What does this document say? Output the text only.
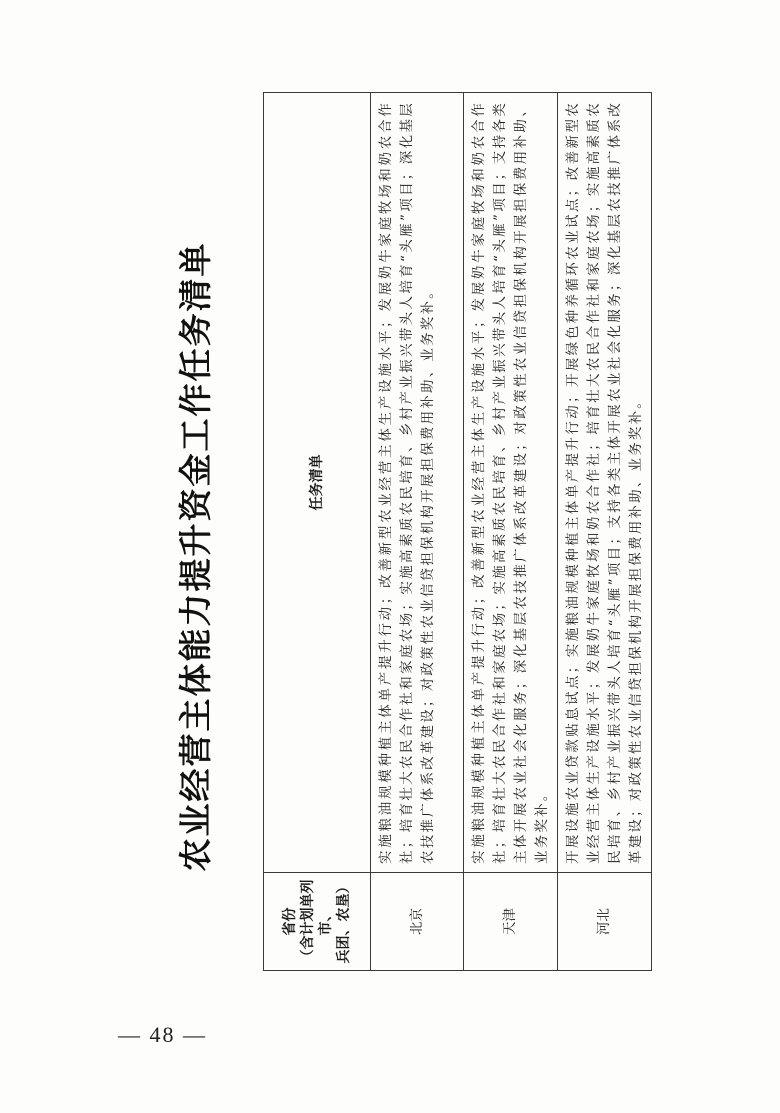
— 48 —
农业经营主体能力提升资金工作任务清单
省份 （含计划单列市、 兵团、农垦）	任务清单
北京	实施粮油规模种植主体单产提升行动；改善新型农业经营主体生产设施水平；发展奶牛家庭牧场和奶农合作社；培育壮大农民合作社和家庭农场；实施高素质农民培育、乡村产业振兴带头人培育“头雁”项目；深化基层农技推广体系改革建设；对政策性农业信贷担保机构开展担保费用补助、业务奖补。
天津	实施粮油规模种植主体单产提升行动；改善新型农业经营主体生产设施水平；发展奶牛家庭牧场和奶农合作社；培育壮大农民合作社和家庭农场；实施高素质农民培育、乡村产业振兴带头人培育“头雁”项目；支持各类主体开展农业社会化服务；深化基层农技推广体系改革建设；对政策性农业信贷担保机构开展担保费用补助、业务奖补。
河北	开展设施农业贷款贴息试点；实施粮油规模种植主体单产提升行动；开展绿色种养循环农业试点；改善新型农业经营主体生产设施水平；发展奶牛家庭牧场和奶农合作社；培育壮大农民合作社和家庭农场；实施高素质农民培育、乡村产业振兴带头人培育“头雁”项目；支持各类主体开展农业社会化服务；深化基层农技推广体系改革建设；对政策性农业信贷担保机构开展担保费用补助、业务奖补。
